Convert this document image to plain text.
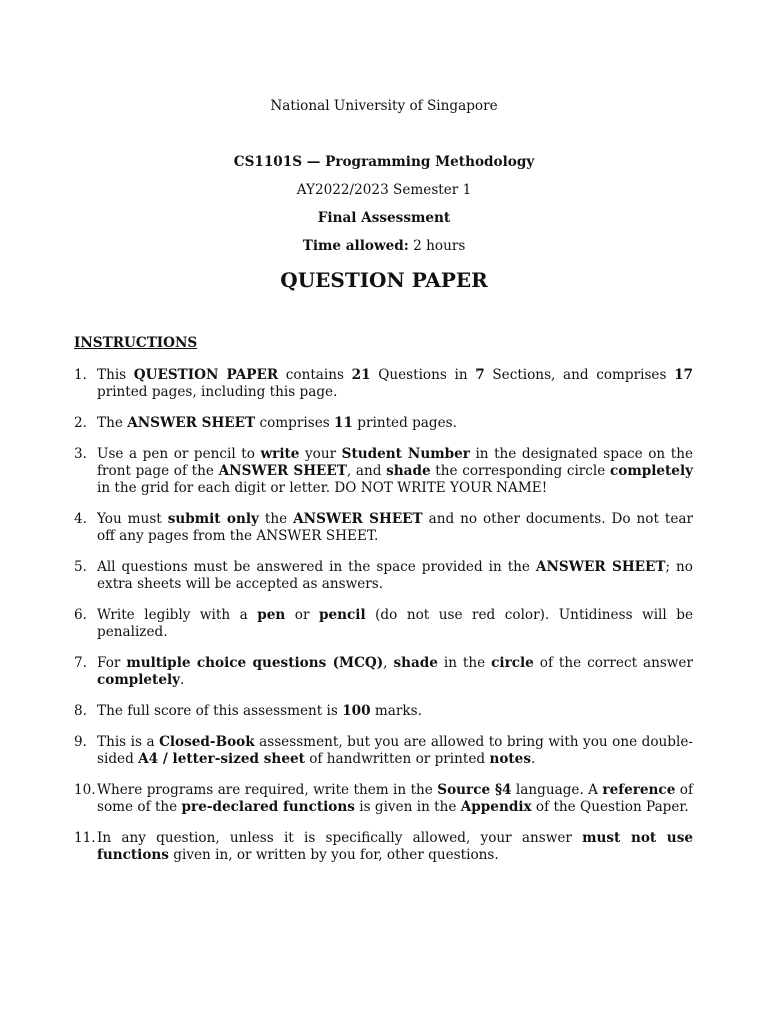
National University of Singapore
CS1101S — Programming Methodology
AY2022/2023 Semester 1
Final Assessment
Time allowed: 2 hours
QUESTION PAPER
INSTRUCTIONS
1. This QUESTION PAPER contains 21 Questions in 7 Sections, and comprises 17 printed pages, including this page.
2. The ANSWER SHEET comprises 11 printed pages.
3. Use a pen or pencil to write your Student Number in the designated space on the front page of the ANSWER SHEET, and shade the corresponding circle completely in the grid for each digit or letter. DO NOT WRITE YOUR NAME!
4. You must submit only the ANSWER SHEET and no other documents. Do not tear off any pages from the ANSWER SHEET.
5. All questions must be answered in the space provided in the ANSWER SHEET; no extra sheets will be accepted as answers.
6. Write legibly with a pen or pencil (do not use red color). Untidiness will be penalized.
7. For multiple choice questions (MCQ), shade in the circle of the correct answer completely.
8. The full score of this assessment is 100 marks.
9. This is a Closed-Book assessment, but you are allowed to bring with you one double-sided A4 / letter-sized sheet of handwritten or printed notes.
10. Where programs are required, write them in the Source §4 language. A reference of some of the pre-declared functions is given in the Appendix of the Question Paper.
11. In any question, unless it is specifically allowed, your answer must not use functions given in, or written by you for, other questions.
